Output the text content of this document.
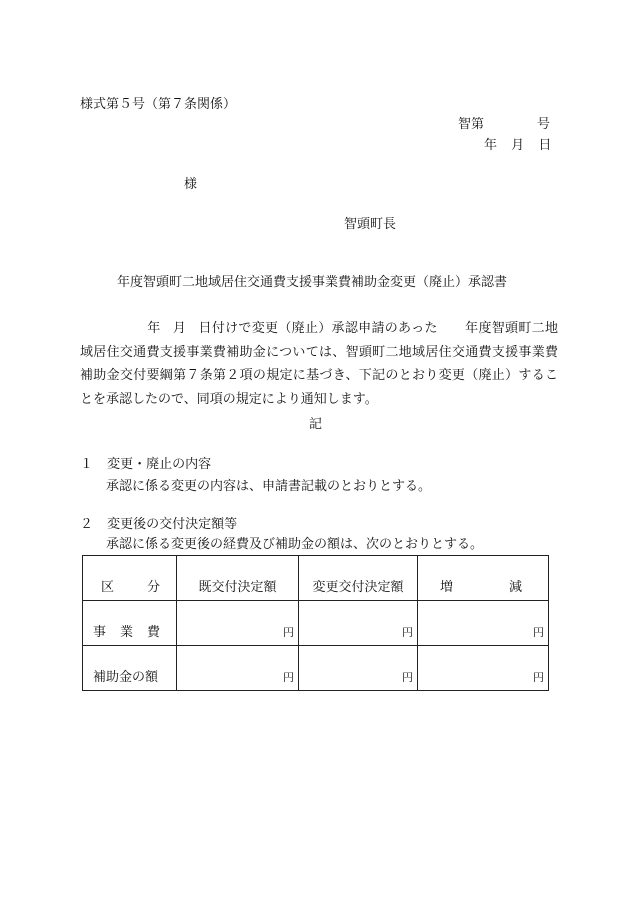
様式第５号（第７条関係）
智第	号
年 月 日
様
智頭町長
年度智頭町二地域居住交通費支援事業費補助金変更（廃止）承認書
年 月 日付けで変更（廃止）承認申請のあった 年度智頭町二地域居住交通費支援事業費補助金については、智頭町二地域居住交通費支援事業費補助金交付要綱第７条第２項の規定に基づき、下記のとおり変更（廃止）することを承認したので、同項の規定により通知します。
記
１ 変更・廃止の内容
承認に係る変更の内容は、申請書記載のとおりとする。
２ 変更後の交付決定額等
承認に係る変更後の経費及び補助金の額は、次のとおりとする。
区 分	既交付決定額	変更交付決定額	増 減

事 業 費	円	円	円
補助金の額	円	円	円
